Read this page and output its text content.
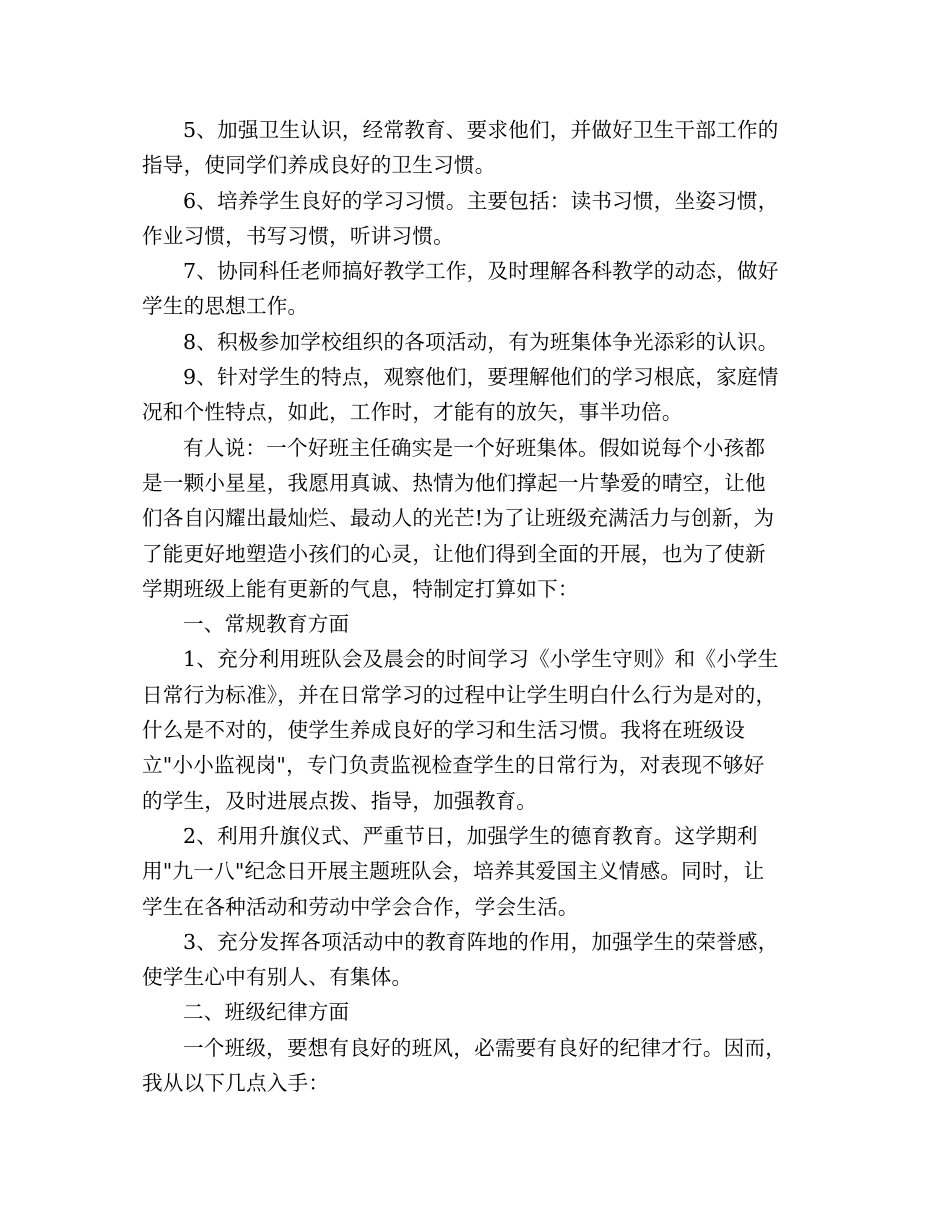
5、加强卫生认识，经常教育、要求他们，并做好卫生干部工作的
指导，使同学们养成良好的卫生习惯。

6、培养学生良好的学习习惯。主要包括：读书习惯，坐姿习惯，
作业习惯，书写习惯，听讲习惯。

7、协同科任老师搞好教学工作，及时理解各科教学的动态，做好
学生的思想工作。

8、积极参加学校组织的各项活动，有为班集体争光添彩的认识。

9、针对学生的特点，观察他们，要理解他们的学习根底，家庭情
况和个性特点，如此，工作时，才能有的放矢，事半功倍。

有人说：一个好班主任确实是一个好班集体。假如说每个小孩都
是一颗小星星，我愿用真诚、热情为他们撑起一片挚爱的晴空，让他
们各自闪耀出最灿烂、最动人的光芒!为了让班级充满活力与创新，为
了能更好地塑造小孩们的心灵，让他们得到全面的开展，也为了使新
学期班级上能有更新的气息，特制定打算如下：

一、常规教育方面

1、充分利用班队会及晨会的时间学习《小学生守则》和《小学生
日常行为标准》，并在日常学习的过程中让学生明白什么行为是对的，
什么是不对的，使学生养成良好的学习和生活习惯。我将在班级设
立"小小监视岗"，专门负责监视检查学生的日常行为，对表现不够好
的学生，及时进展点拨、指导，加强教育。

2、利用升旗仪式、严重节日，加强学生的德育教育。这学期利
用"九一八"纪念日开展主题班队会，培养其爱国主义情感。同时，让
学生在各种活动和劳动中学会合作，学会生活。

3、充分发挥各项活动中的教育阵地的作用，加强学生的荣誉感，
使学生心中有别人、有集体。

二、班级纪律方面

一个班级，要想有良好的班风，必需要有良好的纪律才行。因而，
我从以下几点入手：
